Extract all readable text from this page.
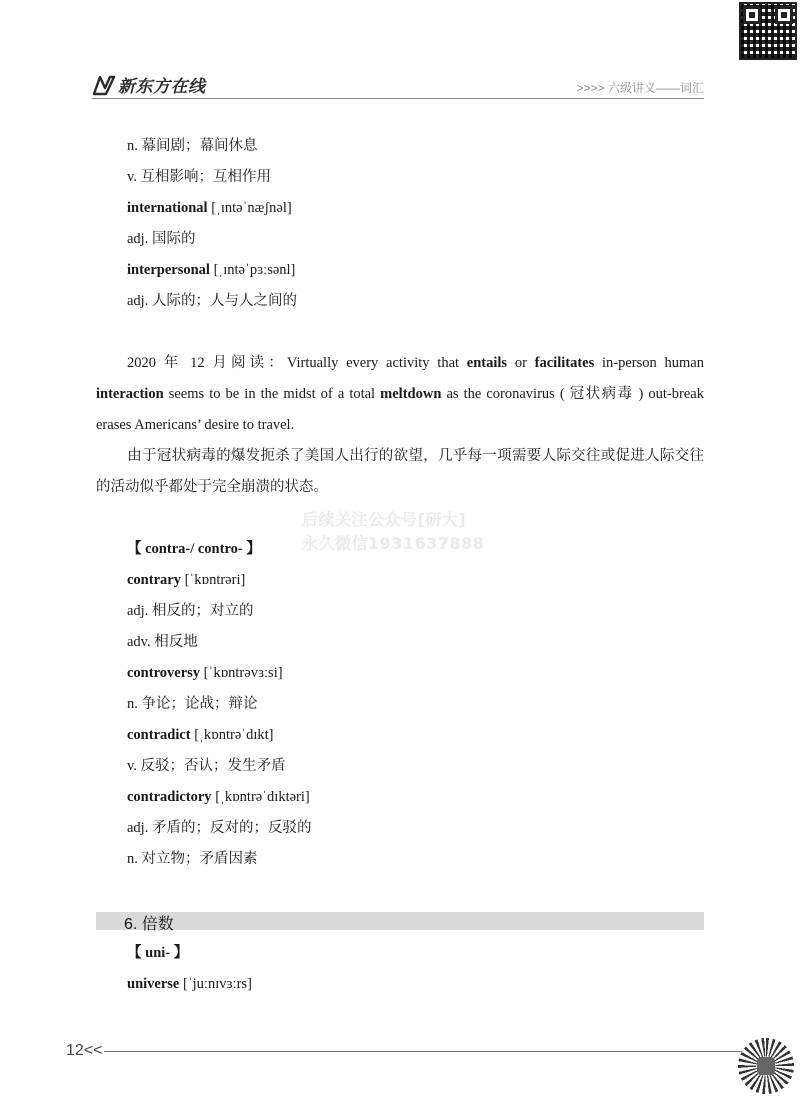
新东方在线	>>>> 六级讲义——词汇
n. 幕间剧；幕间休息
v. 互相影响；互相作用
international [ˌɪntəˈnæʃnəl]
adj. 国际的
interpersonal [ˌɪntəˈpɜːsənl]
adj. 人际的；人与人之间的
2020 年 12 月阅读：Virtually every activity that entails or facilitates in-person human interaction seems to be in the midst of a total meltdown as the coronavirus ( 冠状病毒 ) out-break erases Americans’ desire to travel.
由于冠状病毒的爆发扼杀了美国人出行的欲望，几乎每一项需要人际交往或促进人际交往的活动似乎都处于完全崩溃的状态。
后续关注公众号[研大]
永久微信1931637888
【 contra-/ contro- 】
contrary [ˈkɒntrəri]
adj. 相反的；对立的
adv. 相反地
controversy [ˈkɒntrəvɜːsi]
n. 争论；论战；辩论
contradict [ˌkɒntrəˈdɪkt]
v. 反驳；否认；发生矛盾
contradictory [ˌkɒntrəˈdɪktəri]
adj. 矛盾的；反对的；反驳的
n. 对立物；矛盾因素
6. 倍数
【 uni- 】
universe [ˈjuːnɪvɜːrs]
12<<
